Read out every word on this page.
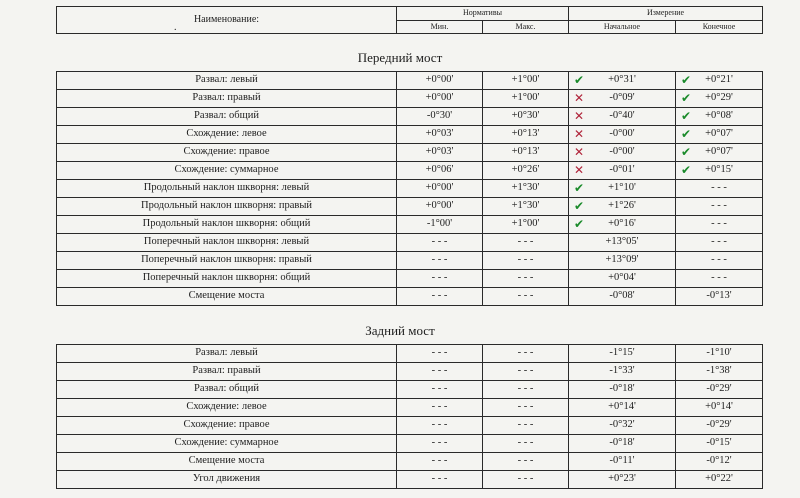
.
Наименование:	Нормативы		Измерение	
	Мин.	Макс.	Начальное	Конечное
Передний мост
Развал: левый	+0°00'	+1°00'	✔ +0°31'	✔ +0°21'
Развал: правый	+0°00'	+1°00'	✕ -0°09'	✔ +0°29'
Развал: общий	-0°30'	+0°30'	✕ -0°40'	✔ +0°08'
Схождение: левое	+0°03'	+0°13'	✕ -0°00'	✔ +0°07'
Схождение: правое	+0°03'	+0°13'	✕ -0°00'	✔ +0°07'
Схождение: суммарное	+0°06'	+0°26'	✕ -0°01'	✔ +0°15'
Продольный наклон шкворня: левый	+0°00'	+1°30'	✔ +1°10'	- - -
Продольный наклон шкворня: правый	+0°00'	+1°30'	✔ +1°26'	- - -
Продольный наклон шкворня: общий	-1°00'	+1°00'	✔ +0°16'	- - -
Поперечный наклон шкворня: левый	- - -	- - -	+13°05'	- - -
Поперечный наклон шкворня: правый	- - -	- - -	+13°09'	- - -
Поперечный наклон шкворня: общий	- - -	- - -	+0°04'	- - -
Смещение моста	- - -	- - -	-0°08'	-0°13'
Задний мост
Развал: левый	- - -	- - -	-1°15'	-1°10'
Развал: правый	- - -	- - -	-1°33'	-1°38'
Развал: общий	- - -	- - -	-0°18'	-0°29'
Схождение: левое	- - -	- - -	+0°14'	+0°14'
Схождение: правое	- - -	- - -	-0°32'	-0°29'
Схождение: суммарное	- - -	- - -	-0°18'	-0°15'
Смещение моста	- - -	- - -	-0°11'	-0°12'
Угол движения	- - -	- - -	+0°23'	+0°22'
